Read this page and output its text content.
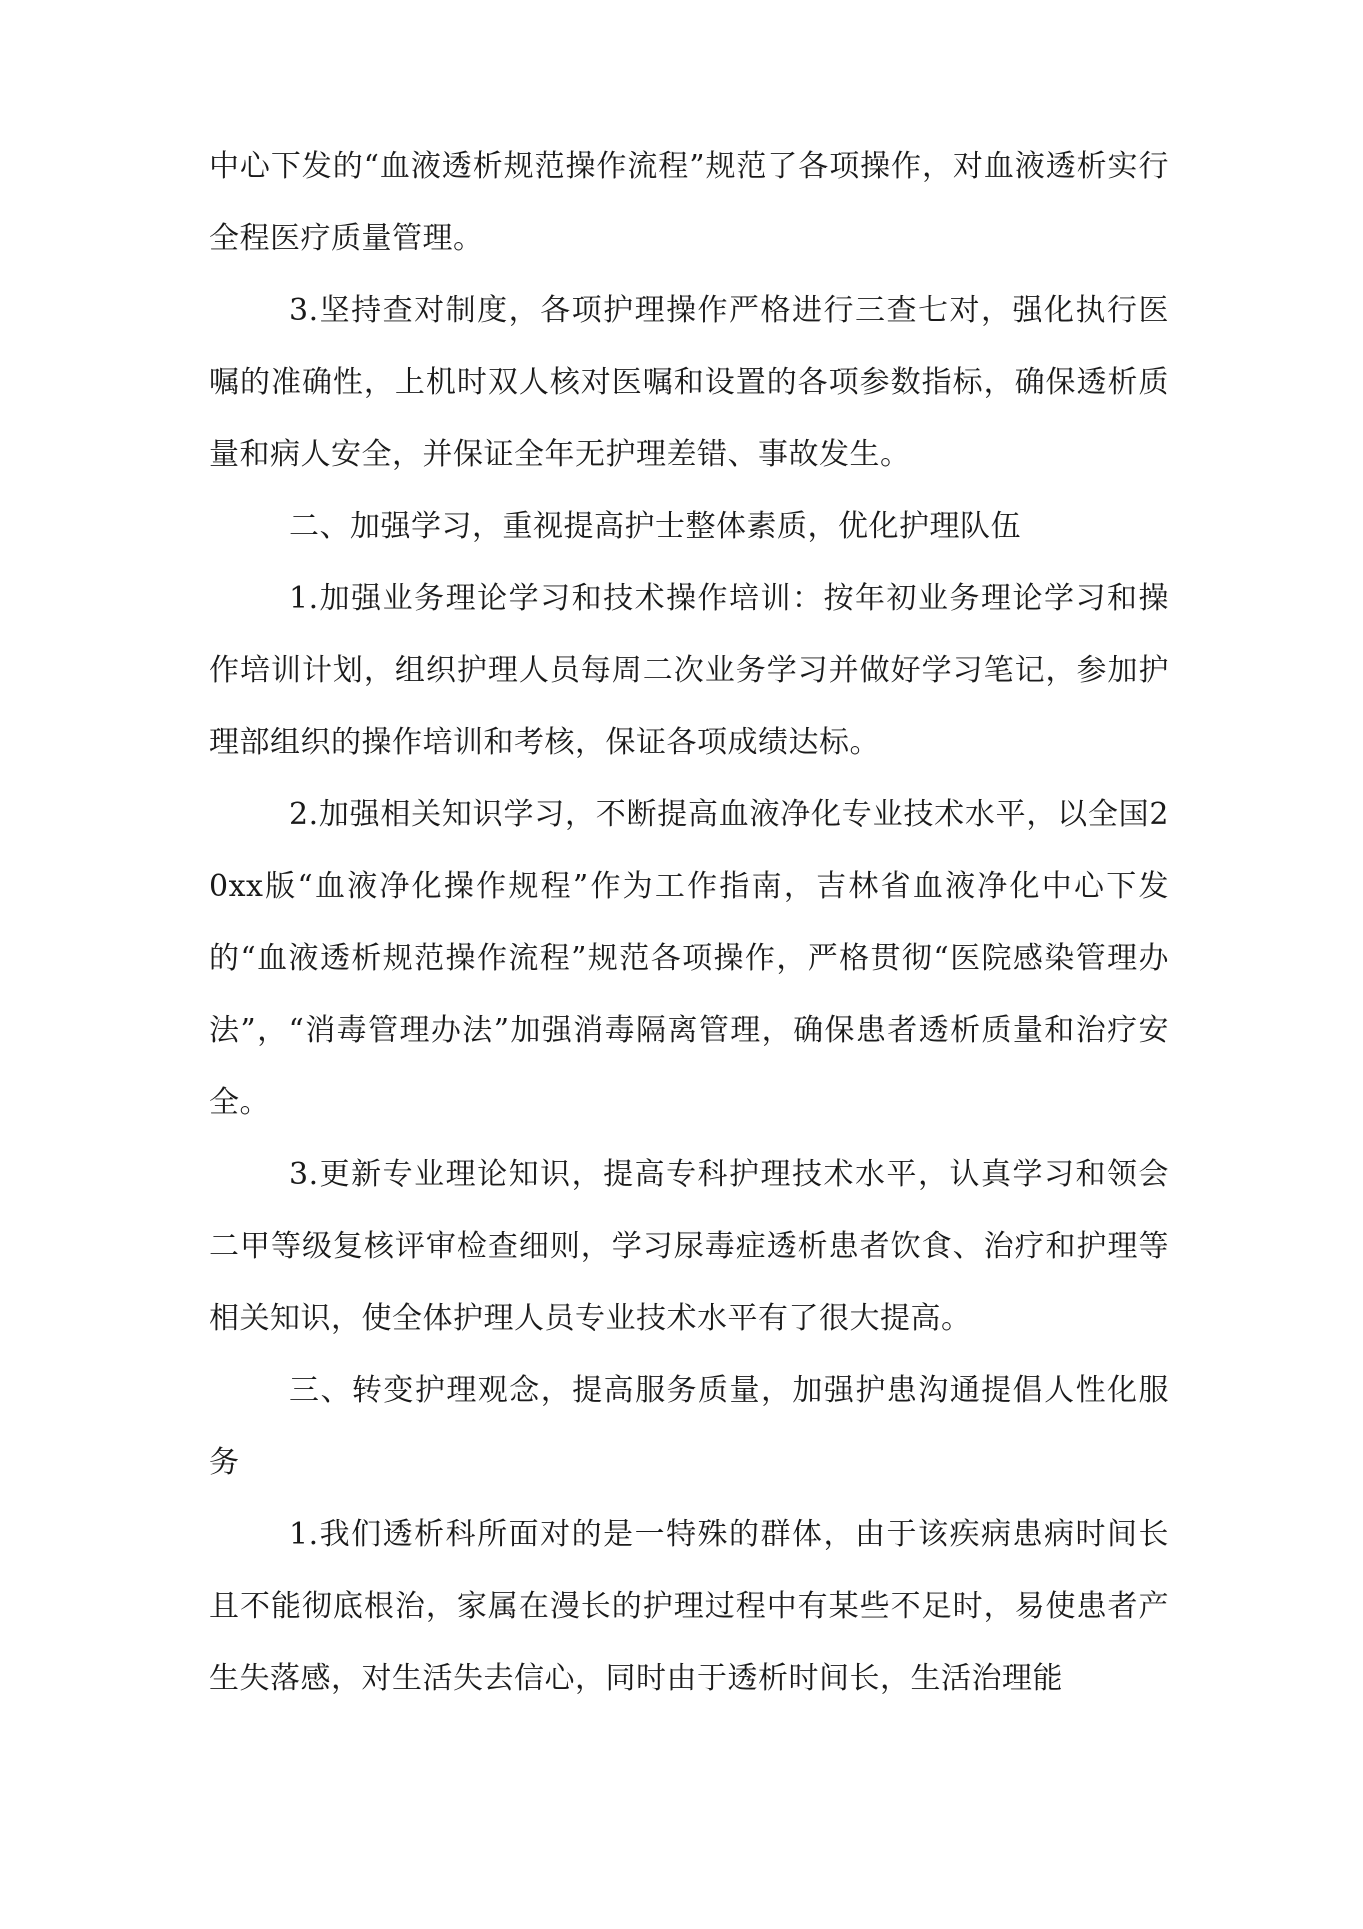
中心下发的“血液透析规范操作流程”规范了各项操作，对血液透析实行全程医疗质量管理。

3.坚持查对制度，各项护理操作严格进行三查七对，强化执行医嘱的准确性，上机时双人核对医嘱和设置的各项参数指标，确保透析质量和病人安全，并保证全年无护理差错、事故发生。

二、加强学习，重视提高护士整体素质，优化护理队伍

1.加强业务理论学习和技术操作培训：按年初业务理论学习和操作培训计划，组织护理人员每周二次业务学习并做好学习笔记，参加护理部组织的操作培训和考核，保证各项成绩达标。

2.加强相关知识学习，不断提高血液净化专业技术水平，以全国20xx版“血液净化操作规程”作为工作指南，吉林省血液净化中心下发的“血液透析规范操作流程”规范各项操作，严格贯彻“医院感染管理办法”，“消毒管理办法”加强消毒隔离管理，确保患者透析质量和治疗安全。

3.更新专业理论知识，提高专科护理技术水平，认真学习和领会二甲等级复核评审检查细则，学习尿毒症透析患者饮食、治疗和护理等相关知识，使全体护理人员专业技术水平有了很大提高。

三、转变护理观念，提高服务质量，加强护患沟通提倡人性化服务

1.我们透析科所面对的是一特殊的群体，由于该疾病患病时间长且不能彻底根治，家属在漫长的护理过程中有某些不足时，易使患者产生失落感，对生活失去信心，同时由于透析时间长，生活治理能
